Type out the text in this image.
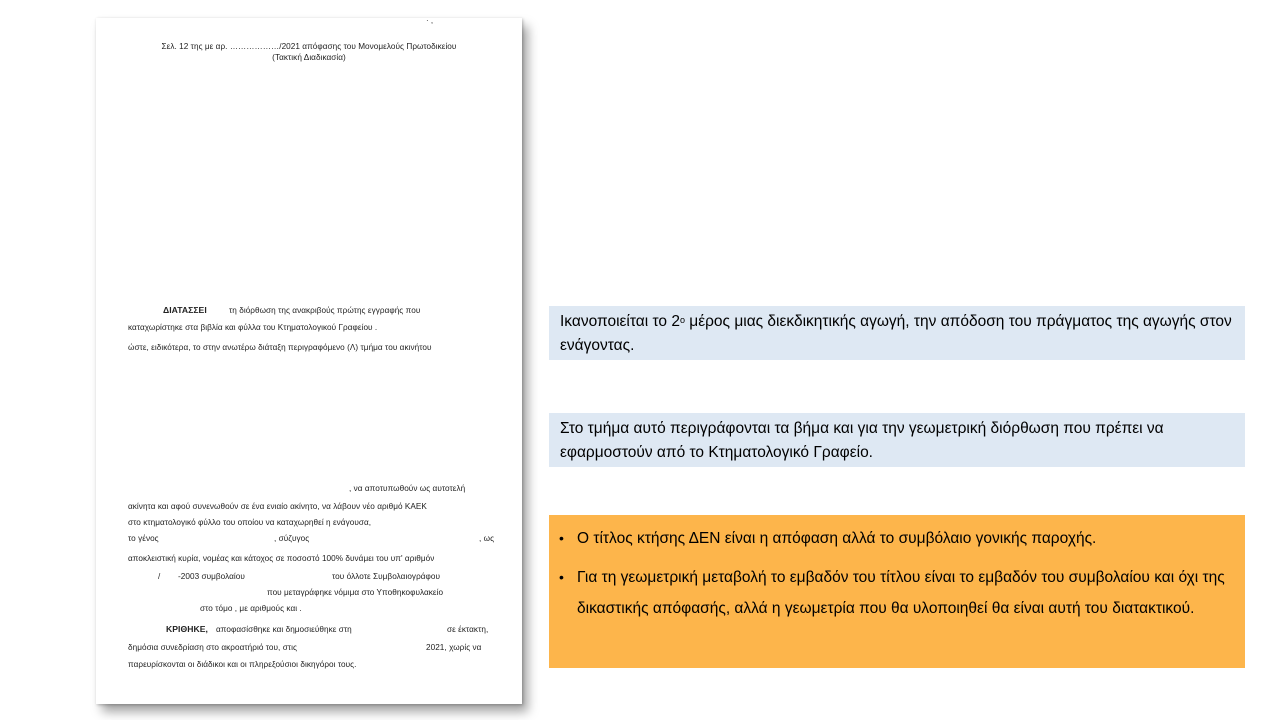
· ,
Σελ. 12 της με αρ. ………………/2021 απόφασης του Μονομελούς Πρωτοδικείου
(Τακτική Διαδικασία)
ΔΙΑΤΑΣΣΕΙ	τη διόρθωση της ανακριβούς πρώτης εγγραφής που
καταχωρίστηκε στα βιβλία και φύλλα του Κτηματολογικού Γραφείου .
ώστε, ειδικότερα, το στην ανωτέρω διάταξη περιγραφόμενο (Λ) τμήμα του ακινήτου
, να αποτυπωθούν ως αυτοτελή
ακίνητα και αφού συνενωθούν σε ένα ενιαίο ακίνητο, να λάβουν νέο αριθμό ΚΑΕΚ
στο κτηματολογικό φύλλο του οποίου να καταχωρηθεί η ενάγουσα,
το γένος	, σύζυγος	, ως
αποκλειστική κυρία, νομέας και κάτοχος σε ποσοστό 100% δυνάμει του υπ' αριθμόν
/ -2003 συμβολαίου	του όλλοτε Συμβολαιογράφου
που μεταγράφηκε νόμιμα στο Υποθηκοφυλακείο
στο τόμο , με αριθμούς και .
ΚΡΙΘΗΚΕ, αποφασίσθηκε και δημοσιεύθηκε στη	σε έκτακτη,
δημόσια συνεδρίαση στο ακροατήριό του, στις	2021, χωρίς να
παρευρίσκονται οι διάδικοι και οι πληρεξούσιοι δικηγόροι τους.
Ικανοποιείται το $2^o$ μέρος μιας διεκδικητικής αγωγή, την απόδοση του πράγματος της αγωγής στον ενάγοντας.
Στο τμήμα αυτό περιγράφονται τα βήμα και για την γεωμετρική διόρθωση που πρέπει να εφαρμοστούν από το Κτηματολογικό Γραφείο.
• Ο τίτλος κτήσης ΔΕΝ είναι η απόφαση αλλά το συμβόλαιο γονικής παροχής.
• Για τη γεωμετρική μεταβολή το εμβαδόν του τίτλου είναι το εμβαδόν του συμβολαίου και όχι της δικαστικής απόφασής, αλλά η γεωμετρία που θα υλοποιηθεί θα είναι αυτή του διατακτικού.
